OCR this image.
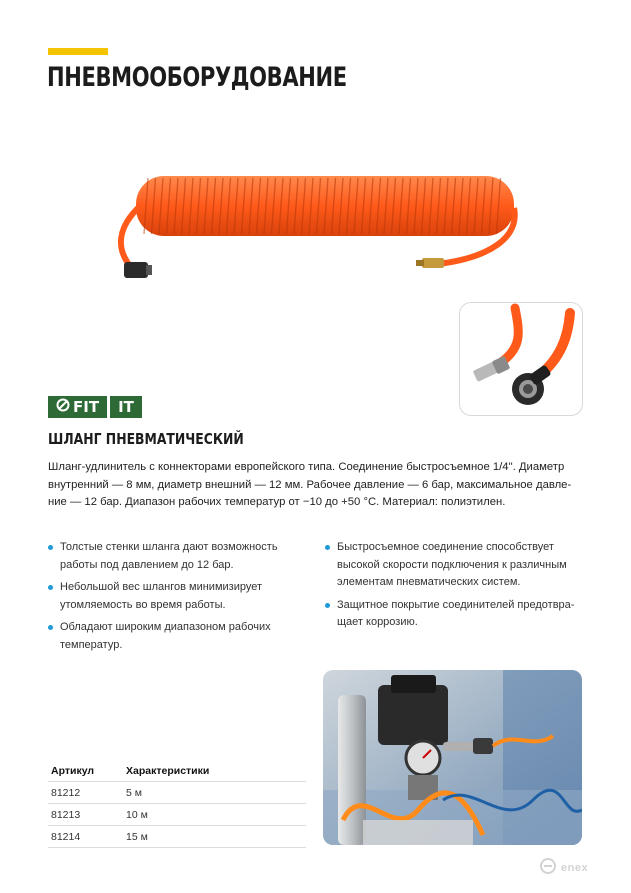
ПНЕВМООБОРУДОВАНИЕ
FIT IT
ШЛАНГ ПНЕВМАТИЧЕСКИЙ

Шланг-удлинитель с коннекторами европейского типа. Соединение быстросъемное 1/4". Диаметр внутренний — 8 мм, диаметр внешний — 12 мм. Рабочее давление — 6 бар, максимальное давле-ние — 12 бар. Диапазон рабочих температур от −10 до +50 °С. Материал: полиэтилен.

Толстые стенки шланга дают возможность работы под давлением до 12 бар.
Небольшой вес шлангов минимизирует утомляемость во время работы.
Обладают широким диапазоном рабочих температур.
Быстросъемное соединение способствует высокой скорости подключения к различным элементам пневматических систем.
Защитное покрытие соединителей предотвра-щает коррозию.
Артикул	Характеристики
81212	5 м
81213	10 м
81214	15 м
enex
